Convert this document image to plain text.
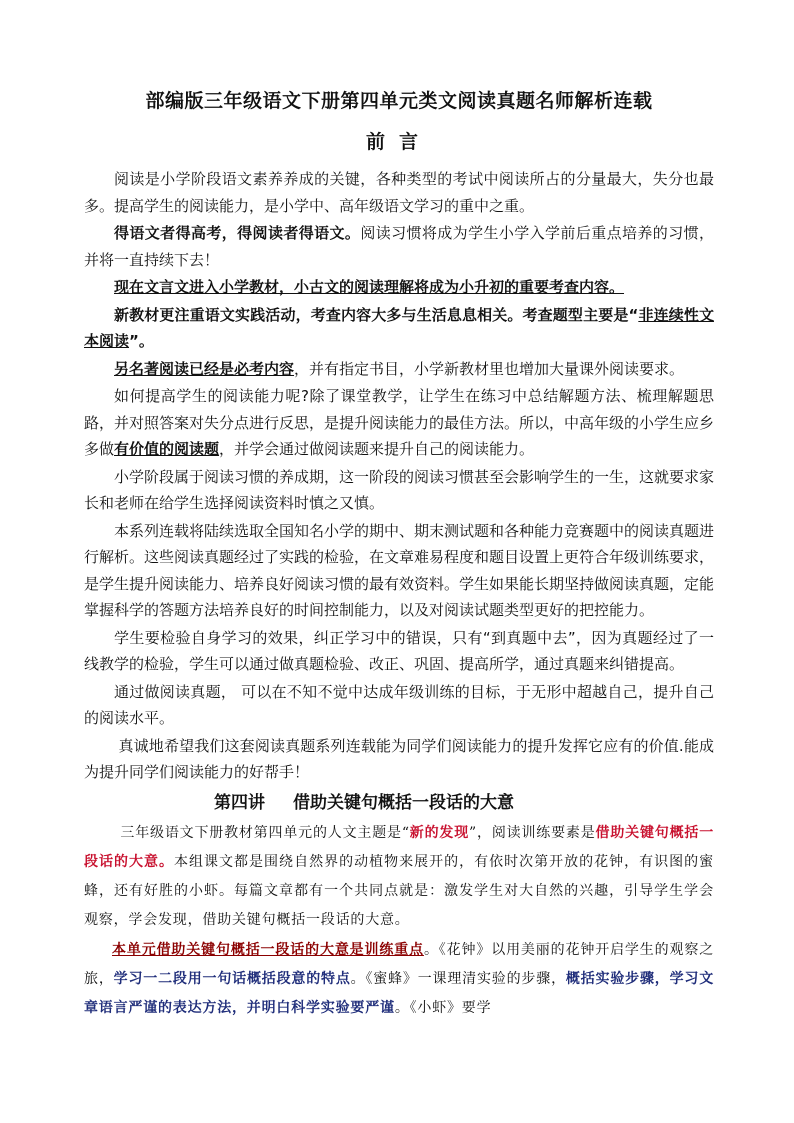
部编版三年级语文下册第四单元类文阅读真题名师解析连载
前言

阅读是小学阶段语文素养养成的关键，各种类型的考试中阅读所占的分量最大，失分也最多。提高学生的阅读能力，是小学中、高年级语文学习的重中之重。

得语文者得高考，得阅读者得语文。阅读习惯将成为学生小学入学前后重点培养的习惯，并将一直持续下去！

现在文言文进入小学教材，小古文的阅读理解将成为小升初的重要考查内容。

新教材更注重语文实践活动，考查内容大多与生活息息相关。考查题型主要是“非连续性文本阅读”。

另名著阅读已经是必考内容，并有指定书目，小学新教材里也增加大量课外阅读要求。

如何提高学生的阅读能力呢?除了课堂教学，让学生在练习中总结解题方法、梳理解题思路，并对照答案对失分点进行反思，是提升阅读能力的最佳方法。所以，中高年级的小学生应乡多做有价值的阅读题，并学会通过做阅读题来提升自己的阅读能力。

小学阶段属于阅读习惯的养成期，这一阶段的阅读习惯甚至会影响学生的一生，这就要求家长和老师在给学生选择阅读资料时慎之又慎。

本系列连载将陆续选取全国知名小学的期中、期末测试题和各种能力竞赛题中的阅读真题进行解析。这些阅读真题经过了实践的检验，在文章难易程度和题目设置上更符合年级训练要求，是学生提升阅读能力、培养良好阅读习惯的最有效资料。学生如果能长期坚持做阅读真题，定能掌握科学的答题方法培养良好的时间控制能力，以及对阅读试题类型更好的把控能力。

学生要检验自身学习的效果，纠正学习中的错误，只有“到真题中去”，因为真题经过了一线教学的检验，学生可以通过做真题检验、改正、巩固、提高所学，通过真题来纠错提高。

通过做阅读真题， 可以在不知不觉中达成年级训练的目标，于无形中超越自己，提升自己的阅读水平。

真诚地希望我们这套阅读真题系列连载能为同学们阅读能力的提升发挥它应有的价值.能成为提升同学们阅读能力的好帮手！

第四讲 借助关键句概括一段话的大意

三年级语文下册教材第四单元的人文主题是“新的发现”，阅读训练要素是借助关键句概括一段话的大意。本组课文都是围绕自然界的动植物来展开的，有依时次第开放的花钟，有识图的蜜蜂，还有好胜的小虾。每篇文章都有一个共同点就是：激发学生对大自然的兴趣，引导学生学会观察，学会发现，借助关键句概括一段话的大意。

本单元借助关键句概括一段话的大意是训练重点。《花钟》以用美丽的花钟开启学生的观察之旅，学习一二段用一句话概括段意的特点。《蜜蜂》一课理清实验的步骤，概括实验步骤，学习文章语言严谨的表达方法，并明白科学实验要严谨。《小虾》要学
